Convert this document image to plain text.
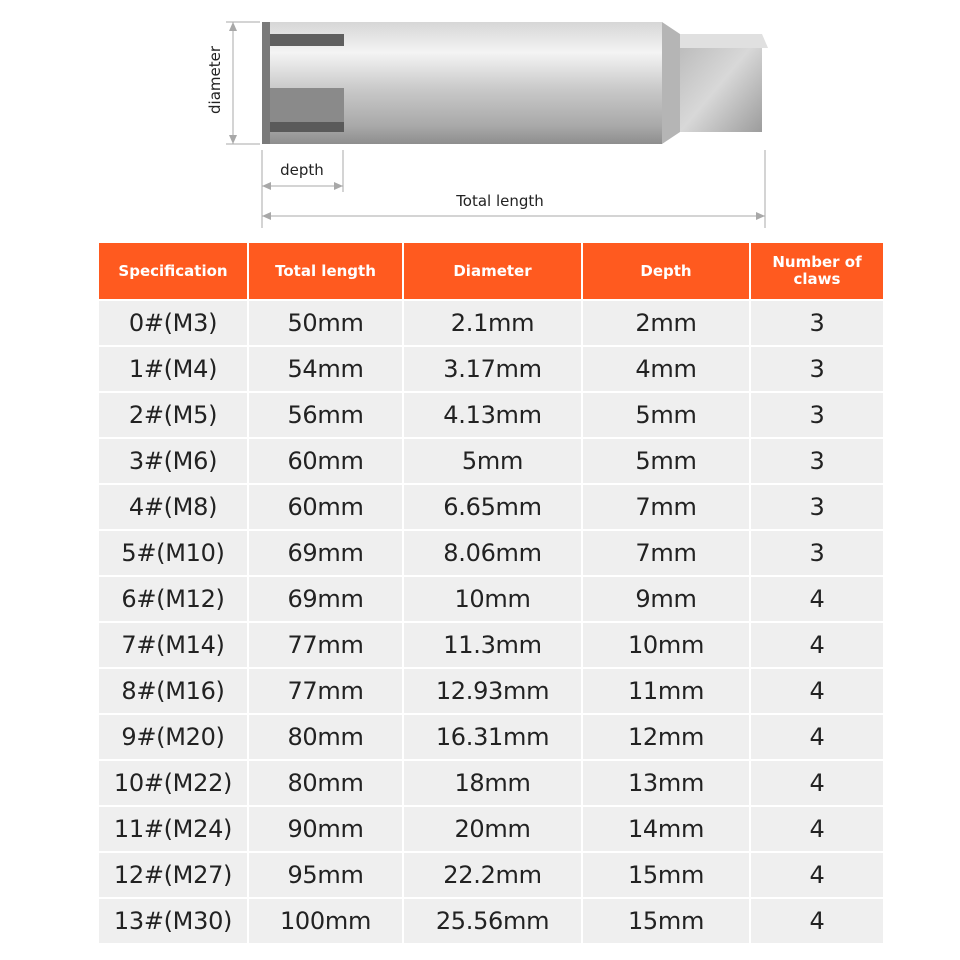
diameter
depth
Total length
Specification	Total length	Diameter	Depth	Number of claws
0#(M3)	50mm	2.1mm	2mm	3
1#(M4)	54mm	3.17mm	4mm	3
2#(M5)	56mm	4.13mm	5mm	3
3#(M6)	60mm	5mm	5mm	3
4#(M8)	60mm	6.65mm	7mm	3
5#(M10)	69mm	8.06mm	7mm	3
6#(M12)	69mm	10mm	9mm	4
7#(M14)	77mm	11.3mm	10mm	4
8#(M16)	77mm	12.93mm	11mm	4
9#(M20)	80mm	16.31mm	12mm	4
10#(M22)	80mm	18mm	13mm	4
11#(M24)	90mm	20mm	14mm	4
12#(M27)	95mm	22.2mm	15mm	4
13#(M30)	100mm	25.56mm	15mm	4
